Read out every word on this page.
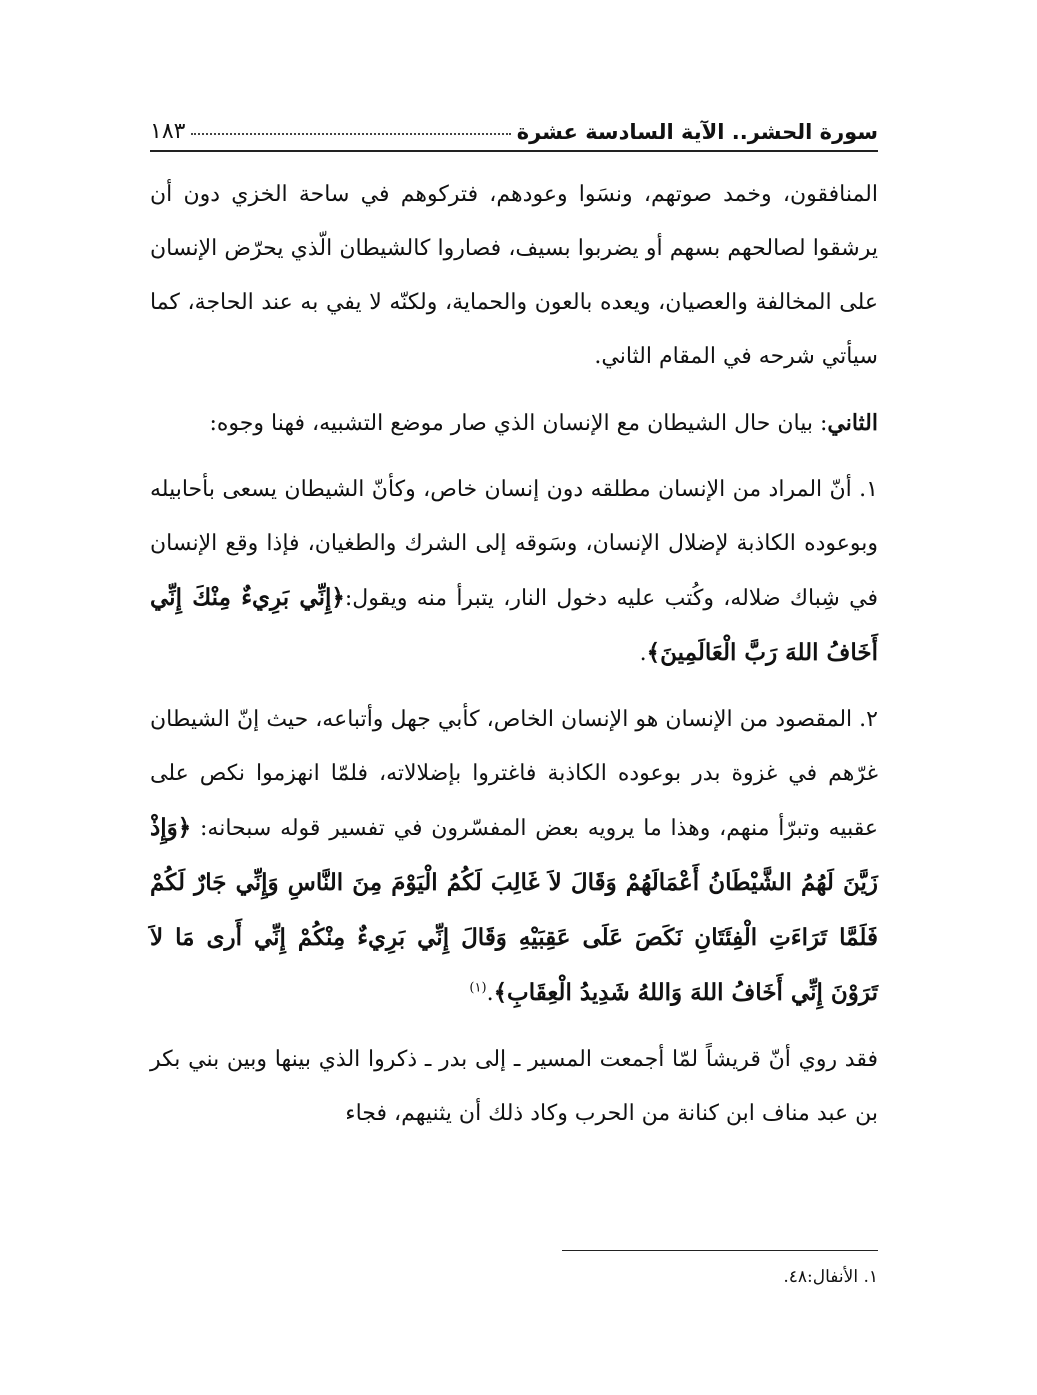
سورة الحشر.. الآية السادسة عشرة
١٨٣

المنافقون، وخمد صوتهم، ونسَوا وعودهم، فتركوهم في ساحة الخزي دون أن يرشقوا لصالحهم بسهم أو يضربوا بسيف، فصاروا كالشيطان الّذي يحرّض الإنسان على المخالفة والعصيان، ويعده بالعون والحماية، ولكنّه لا يفي به عند الحاجة، كما سيأتي شرحه في المقام الثاني.

الثاني: بيان حال الشيطان مع الإنسان الذي صار موضع التشبيه، فهنا وجوه:

١. أنّ المراد من الإنسان مطلقه دون إنسان خاص، وكأنّ الشيطان يسعى بأحابيله وبوعوده الكاذبة لإضلال الإنسان، وسَوقه إلى الشرك والطغيان، فإذا وقع الإنسان في شِباك ضلاله، وكُتب عليه دخول النار، يتبرأ منه ويقول:﴿إِنِّي بَرِيءٌ مِنْكَ إِنِّي أَخَافُ اللهَ رَبَّ الْعَالَمِينَ﴾.

٢. المقصود من الإنسان هو الإنسان الخاص، كأبي جهل وأتباعه، حيث إنّ الشيطان غرّهم في غزوة بدر بوعوده الكاذبة فاغتروا بإضلالاته، فلمّا انهزموا نكص على عقبيه وتبرّأ منهم، وهذا ما يرويه بعض المفسّرون في تفسير قوله سبحانه: ﴿وَإِذْ زَيَّنَ لَهُمُ الشَّيْطَانُ أَعْمَالَهُمْ وَقَالَ لاَ غَالِبَ لَكُمُ الْيَوْمَ مِنَ النَّاسِ وَإِنِّي جَارٌ لَكُمْ فَلَمَّا تَرَاءَتِ الْفِئَتَانِ نَكَصَ عَلَى عَقِبَيْهِ وَقَالَ إِنِّي بَرِيءٌ مِنْكُمْ إِنِّي أَرى مَا لاَ تَرَوْنَ إِنِّي أَخَافُ اللهَ وَاللهُ شَدِيدُ الْعِقَابِ﴾.$^{(١)}$

فقد روي أنّ قريشاً لمّا أجمعت المسير ـ إلى بدر ـ ذكروا الذي بينها وبين بني بكر بن عبد مناف ابن كنانة من الحرب وكاد ذلك أن يثنيهم، فجاء

١. الأنفال:٤٨.
